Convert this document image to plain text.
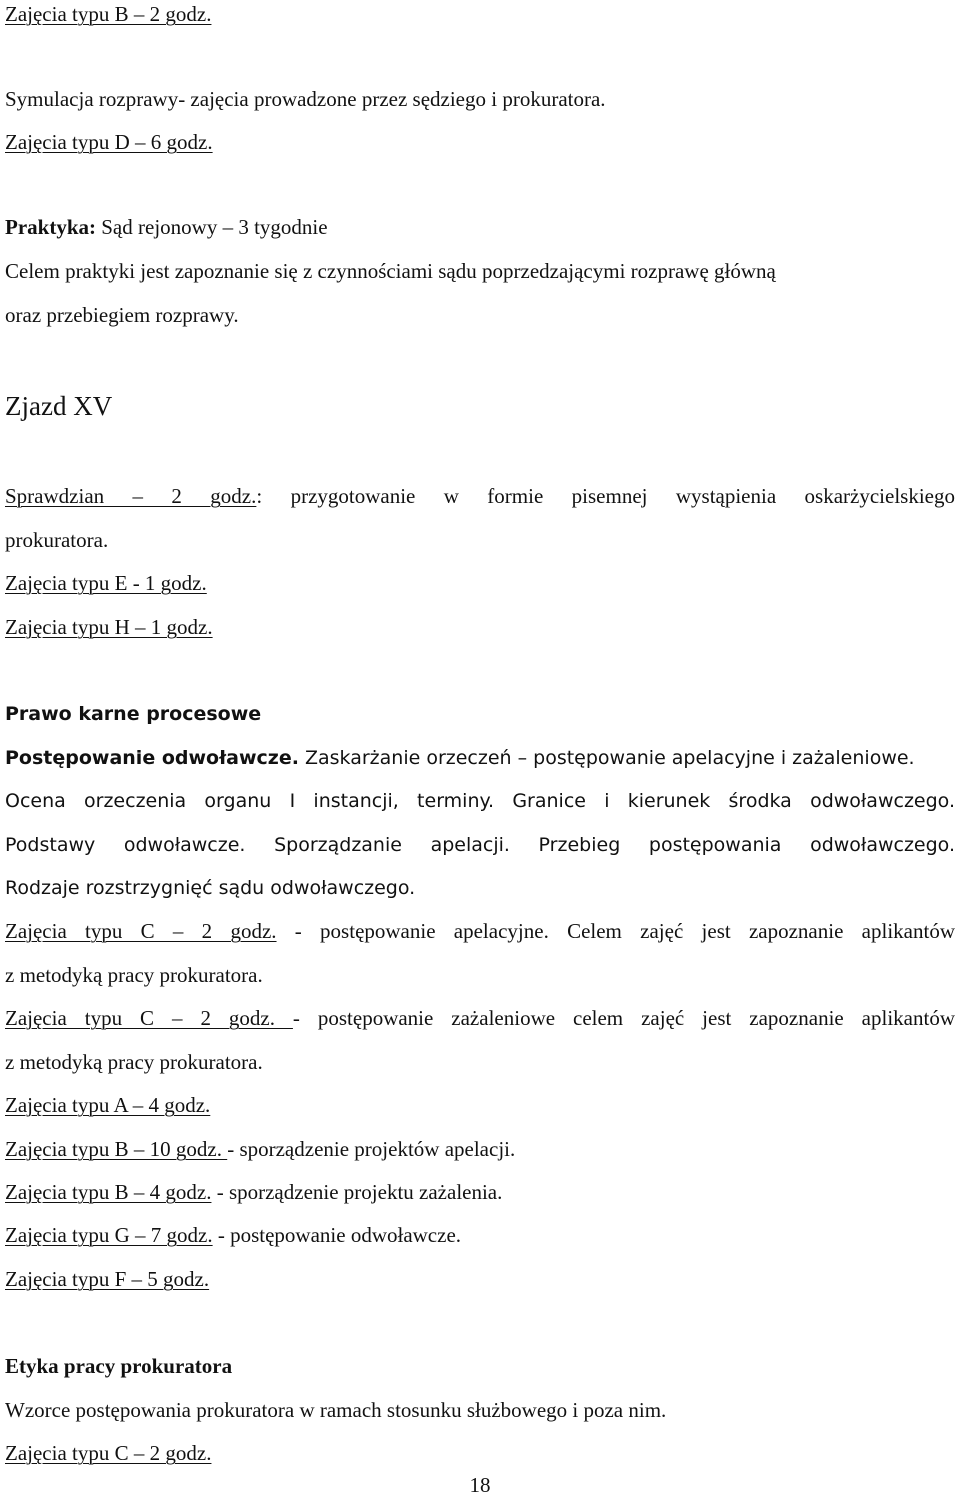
Zajęcia typu B – 2 godz.
Symulacja rozprawy- zajęcia prowadzone przez sędziego i prokuratora.
Zajęcia typu D – 6 godz.
Praktyka: Sąd rejonowy – 3 tygodnie
Celem praktyki jest zapoznanie się z czynnościami sądu poprzedzającymi rozprawę główną
oraz przebiegiem rozprawy.
Zjazd XV
Sprawdzian – 2 godz.: przygotowanie w formie pisemnej wystąpienia oskarżycielskiego
prokuratora.
Zajęcia typu E - 1 godz.
Zajęcia typu H – 1 godz.
Prawo karne procesowe
Postępowanie odwoławcze. Zaskarżanie orzeczeń – postępowanie apelacyjne i zażaleniowe.
Ocena orzeczenia organu I instancji, terminy. Granice i kierunek środka odwoławczego.
Podstawy odwoławcze. Sporządzanie apelacji. Przebieg postępowania odwoławczego.
Rodzaje rozstrzygnięć sądu odwoławczego.
Zajęcia typu C – 2 godz. - postępowanie apelacyjne. Celem zajęć jest zapoznanie aplikantów
z metodyką pracy prokuratora.
Zajęcia typu C – 2 godz. - postępowanie zażaleniowe celem zajęć jest zapoznanie aplikantów
z metodyką pracy prokuratora.
Zajęcia typu A – 4 godz.
Zajęcia typu B – 10 godz. - sporządzenie projektów apelacji.
Zajęcia typu B – 4 godz. - sporządzenie projektu zażalenia.
Zajęcia typu G – 7 godz. - postępowanie odwoławcze.
Zajęcia typu F – 5 godz.
Etyka pracy prokuratora
Wzorce postępowania prokuratora w ramach stosunku służbowego i poza nim.
Zajęcia typu C – 2 godz.
18
